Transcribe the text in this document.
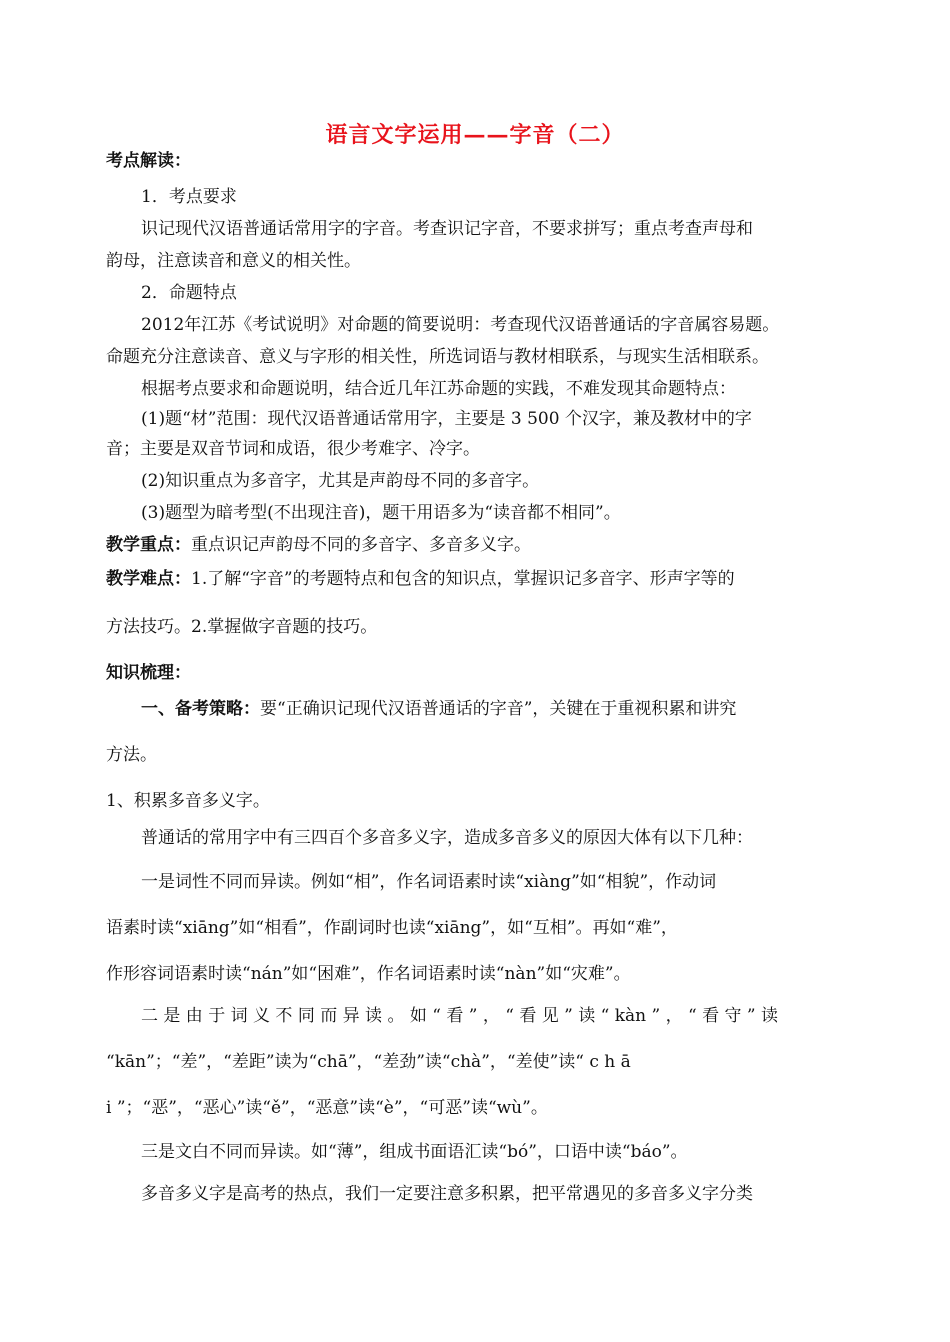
语言文字运用——字音（二）
考点解读：
1．考点要求
识记现代汉语普通话常用字的字音。考查识记字音，不要求拼写；重点考查声母和
韵母，注意读音和意义的相关性。
2．命题特点
2012年江苏《考试说明》对命题的简要说明：考查现代汉语普通话的字音属容易题。
命题充分注意读音、意义与字形的相关性，所选词语与教材相联系，与现实生活相联系。
根据考点要求和命题说明，结合近几年江苏命题的实践，不难发现其命题特点：
(1)题“材”范围：现代汉语普通话常用字，主要是 3 500 个汉字，兼及教材中的字
音；主要是双音节词和成语，很少考难字、冷字。
(2)知识重点为多音字，尤其是声韵母不同的多音字。
(3)题型为暗考型(不出现注音)，题干用语多为“读音都不相同”。
教学重点：重点识记声韵母不同的多音字、多音多义字。
教学难点：1.了解“字音”的考题特点和包含的知识点，掌握识记多音字、形声字等的
方法技巧。2.掌握做字音题的技巧。
知识梳理：
一、备考策略：要“正确识记现代汉语普通话的字音”，关键在于重视积累和讲究
方法。
1、积累多音多义字。
普通话的常用字中有三四百个多音多义字，造成多音多义的原因大体有以下几种：
一是词性不同而异读。例如“相”，作名词语素时读“xiàng”如“相貌”，作动词
语素时读“xiāng”如“相看”，作副词时也读“xiāng”，如“互相”。再如“难”，
作形容词语素时读“nán”如“困难”，作名词语素时读“nàn”如“灾难”。
二 是 由 于 词 义 不 同 而 异 读 。 如 “ 看 ” ， “ 看 见 ” 读 “ kàn ” ， “ 看 守 ” 读
“kān”；“差”，“差距”读为“chā”，“差劲”读“chà”，“差使”读“ c h ā
i ”；“恶”，“恶心”读“ě”，“恶意”读“è”，“可恶”读“wù”。
三是文白不同而异读。如“薄”，组成书面语汇读“bó”，口语中读“báo”。
多音多义字是高考的热点，我们一定要注意多积累，把平常遇见的多音多义字分类
